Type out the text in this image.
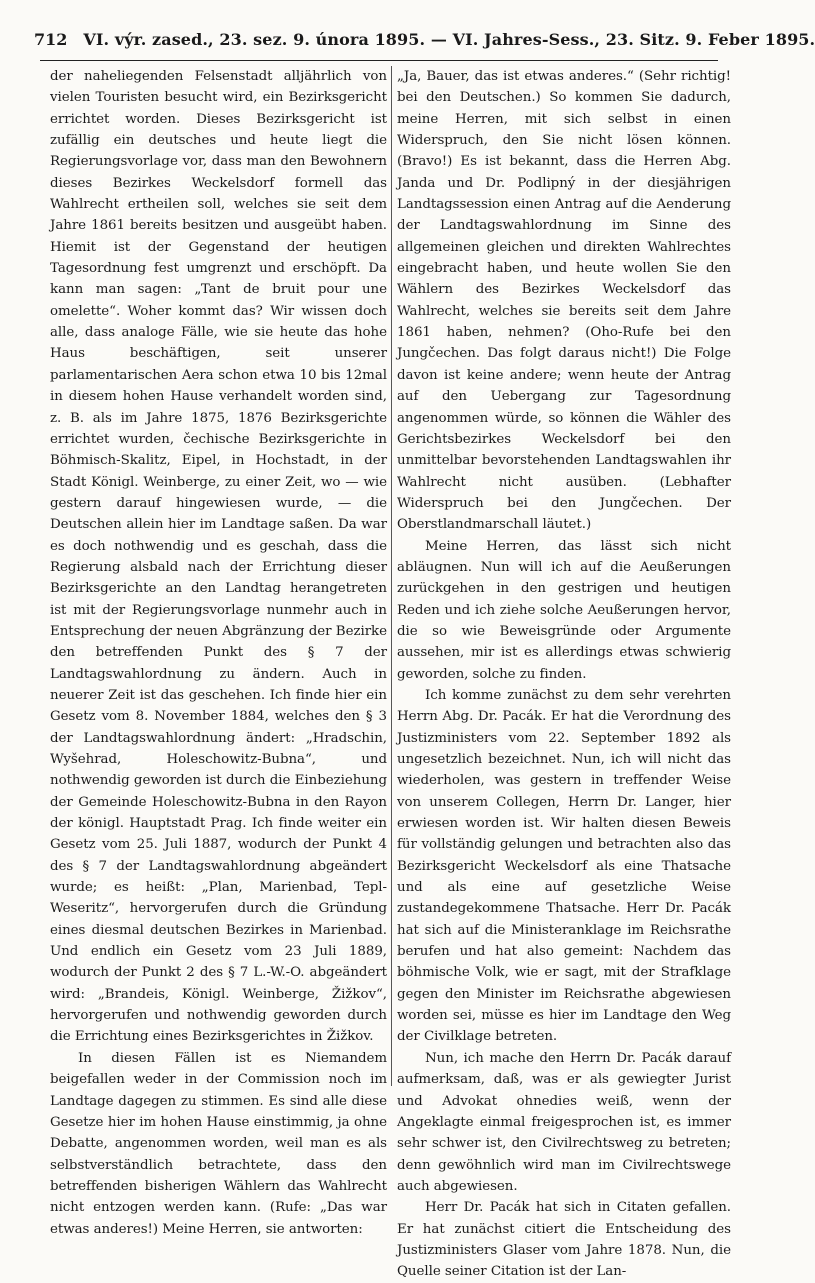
712 VI. výr. zased., 23. sez. 9. února 1895. — VI. Jahres-Sess., 23. Sitz. 9. Feber 1895.

der naheliegenden Felsenstadt alljährlich von vielen Touristen besucht wird, ein Bezirksgericht errichtet worden. Dieses Bezirksgericht ist zufällig ein deutsches und heute liegt die Regierungsvorlage vor, dass man den Bewohnern dieses Bezirkes Weckelsdorf formell das Wahlrecht ertheilen soll, welches sie seit dem Jahre 1861 bereits besitzen und ausgeübt haben. Hiemit ist der Gegenstand der heutigen Tagesordnung fest umgrenzt und erschöpft. Da kann man sagen: „Tant de bruit pour une omelette“. Woher kommt das? Wir wissen doch alle, dass analoge Fälle, wie sie heute das hohe Haus beschäftigen, seit unserer parlamentarischen Aera schon etwa 10 bis 12mal in diesem hohen Hause verhandelt worden sind, z. B. als im Jahre 1875, 1876 Bezirksgerichte errichtet wurden, čechische Bezirksgerichte in Böhmisch-Skalitz, Eipel, in Hochstadt, in der Stadt Königl. Weinberge, zu einer Zeit, wo — wie gestern darauf hingewiesen wurde, — die Deutschen allein hier im Landtage saßen. Da war es doch nothwendig und es geschah, dass die Regierung alsbald nach der Errichtung dieser Bezirksgerichte an den Landtag herangetreten ist mit der Regierungsvorlage nunmehr auch in Entsprechung der neuen Abgränzung der Bezirke den betreffenden Punkt des § 7 der Landtagswahlordnung zu ändern. Auch in neuerer Zeit ist das geschehen. Ich finde hier ein Gesetz vom 8. November 1884, welches den § 3 der Landtagswahlordnung ändert: „Hradschin, Wyšehrad, Holeschowitz-Bubna“, und nothwendig geworden ist durch die Einbeziehung der Gemeinde Holeschowitz-Bubna in den Rayon der königl. Hauptstadt Prag. Ich finde weiter ein Gesetz vom 25. Juli 1887, wodurch der Punkt 4 des § 7 der Landtagswahlordnung abgeändert wurde; es heißt: „Plan, Marienbad, Tepl-Weseritz“, hervorgerufen durch die Gründung eines diesmal deutschen Bezirkes in Marienbad. Und endlich ein Gesetz vom 23 Juli 1889, wodurch der Punkt 2 des § 7 L.-W.-O. abgeändert wird: „Brandeis, Königl. Weinberge, Žižkov“, hervorgerufen und nothwendig geworden durch die Errichtung eines Bezirksgerichtes in Žižkov.

In diesen Fällen ist es Niemandem beigefallen weder in der Commission noch im Landtage dagegen zu stimmen. Es sind alle diese Gesetze hier im hohen Hause einstimmig, ja ohne Debatte, angenommen worden, weil man es als selbstverständlich betrachtete, dass den betreffenden bisherigen Wählern das Wahlrecht nicht entzogen werden kann. (Rufe: „Das war etwas anderes!) Meine Herren, sie antworten:

„Ja, Bauer, das ist etwas anderes.“ (Sehr richtig! bei den Deutschen.) So kommen Sie dadurch, meine Herren, mit sich selbst in einen Widerspruch, den Sie nicht lösen können. (Bravo!) Es ist bekannt, dass die Herren Abg. Janda und Dr. Podlipný in der diesjährigen Landtagssession einen Antrag auf die Aenderung der Landtagswahlordnung im Sinne des allgemeinen gleichen und direkten Wahlrechtes eingebracht haben, und heute wollen Sie den Wählern des Bezirkes Weckelsdorf das Wahlrecht, welches sie bereits seit dem Jahre 1861 haben, nehmen? (Oho-Rufe bei den Jungčechen. Das folgt daraus nicht!) Die Folge davon ist keine andere; wenn heute der Antrag auf den Uebergang zur Tagesordnung angenommen würde, so können die Wähler des Gerichtsbezirkes Weckelsdorf bei den unmittelbar bevorstehenden Landtagswahlen ihr Wahlrecht nicht ausüben. (Lebhafter Widerspruch bei den Jungčechen. Der Oberstlandmarschall läutet.)

Meine Herren, das lässt sich nicht abläugnen. Nun will ich auf die Aeußerungen zurückgehen in den gestrigen und heutigen Reden und ich ziehe solche Aeußerungen hervor, die so wie Beweisgründe oder Argumente aussehen, mir ist es allerdings etwas schwierig geworden, solche zu finden.

Ich komme zunächst zu dem sehr verehrten Herrn Abg. Dr. Pacák. Er hat die Verordnung des Justizministers vom 22. September 1892 als ungesetzlich bezeichnet. Nun, ich will nicht das wiederholen, was gestern in treffender Weise von unserem Collegen, Herrn Dr. Langer, hier erwiesen worden ist. Wir halten diesen Beweis für vollständig gelungen und betrachten also das Bezirksgericht Weckelsdorf als eine Thatsache und als eine auf gesetzliche Weise zustandegekommene Thatsache. Herr Dr. Pacák hat sich auf die Ministeranklage im Reichsrathe berufen und hat also gemeint: Nachdem das böhmische Volk, wie er sagt, mit der Strafklage gegen den Minister im Reichsrathe abgewiesen worden sei, müsse es hier im Landtage den Weg der Civilklage betreten.

Nun, ich mache den Herrn Dr. Pacák darauf aufmerksam, daß, was er als gewiegter Jurist und Advokat ohnedies weiß, wenn der Angeklagte einmal freigesprochen ist, es immer sehr schwer ist, den Civilrechtsweg zu betreten; denn gewöhnlich wird man im Civilrechtswege auch abgewiesen.

Herr Dr. Pacák hat sich in Citaten gefallen. Er hat zunächst citiert die Entscheidung des Justizministers Glaser vom Jahre 1878. Nun, die Quelle seiner Citation ist der Lan-
